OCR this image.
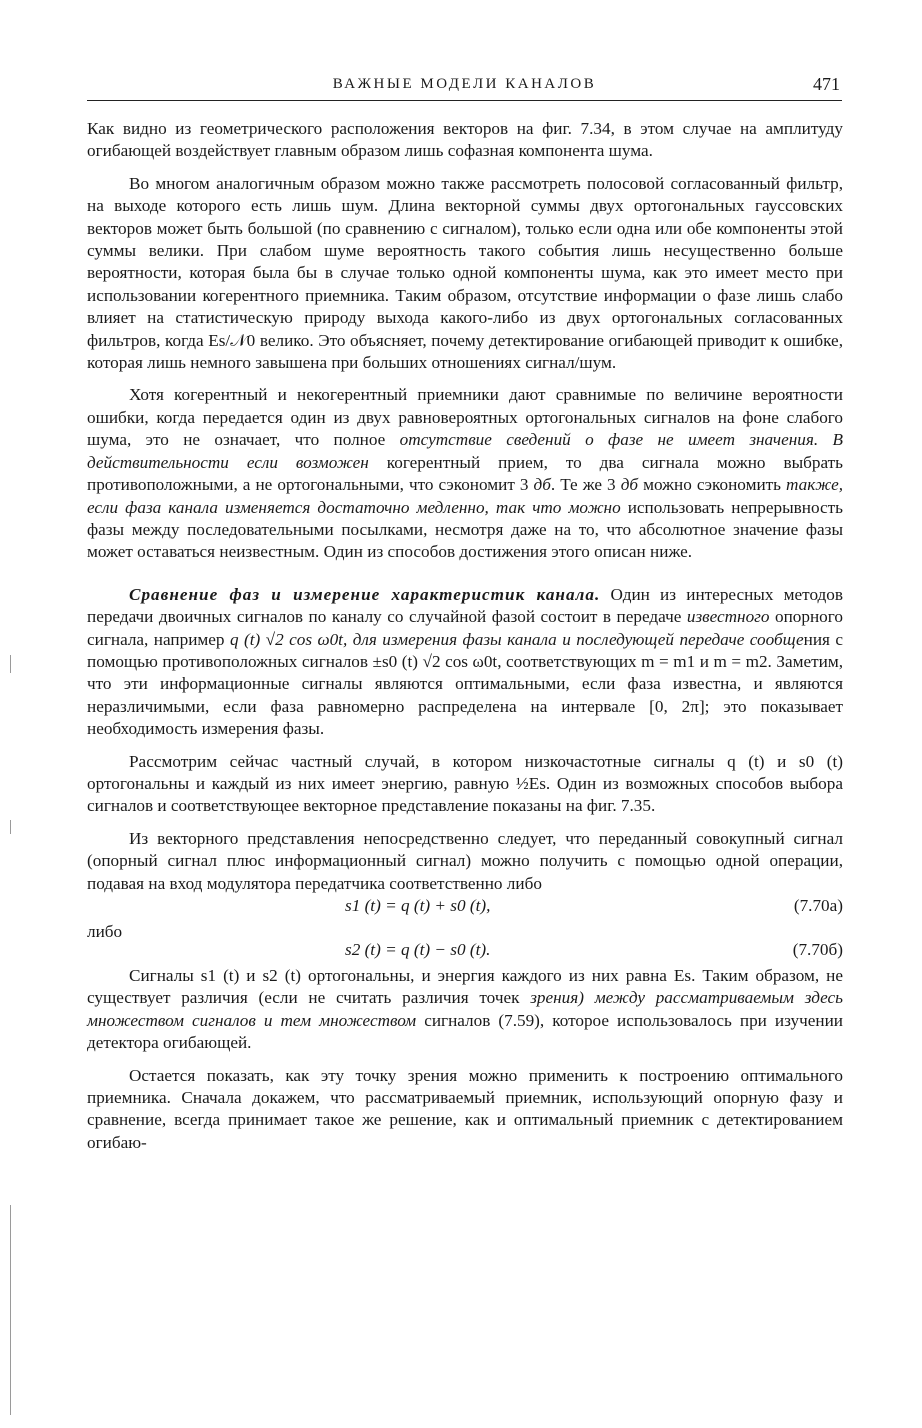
ВАЖНЫЕ МОДЕЛИ КАНАЛОВ	471

Как видно из геометрического расположения векторов на фиг. 7.34, в этом случае на амплитуду огибающей воздействует главным образом лишь софазная компонента шума.

Во многом аналогичным образом можно также рассмотреть полосовой согласованный фильтр, на выходе которого есть лишь шум. Длина векторной суммы двух ортогональных гауссовских векторов может быть большой (по сравнению с сигналом), только если одна или обе компоненты этой суммы велики. При слабом шуме вероятность такого события лишь несущественно больше вероятности, которая была бы в случае только одной компоненты шума, как это имеет место при использовании когерентного приемника. Таким образом, отсутствие информации о фазе лишь слабо влияет на статистическую природу выхода какого-либо из двух ортогональных согласованных фильтров, когда Es/𝒩0 велико. Это объясняет, почему детектирование огибающей приводит к ошибке, которая лишь немного завышена при больших отношениях сигнал/шум.

Хотя когерентный и некогерентный приемники дают сравнимые по величине вероятности ошибки, когда передается один из двух равновероятных ортогональных сигналов на фоне слабого шума, это не означает, что полное отсутствие сведений о фазе не имеет значения. В действительности если возможен когерентный прием, то два сигнала можно выбрать противоположными, а не ортогональными, что сэкономит 3 дб. Те же 3 дб можно сэкономить также, если фаза канала изменяется достаточно медленно, так что можно использовать непрерывность фазы между последовательными посылками, несмотря даже на то, что абсолютное значение фазы может оставаться неизвестным. Один из способов достижения этого описан ниже.

Сравнение фаз и измерение характеристик канала. Один из интересных методов передачи двоичных сигналов по каналу со случайной фазой состоит в передаче известного опорного сигнала, например q (t) √2 cos ω0t, для измерения фазы канала и последующей передаче сообщения с помощью противоположных сигналов ±s0 (t) √2 cos ω0t, соответствующих m = m1 и m = m2. Заметим, что эти информационные сигналы являются оптимальными, если фаза известна, и являются неразличимыми, если фаза равномерно распределена на интервале [0, 2π]; это показывает необходимость измерения фазы.

Рассмотрим сейчас частный случай, в котором низкочастотные сигналы q (t) и s0 (t) ортогональны и каждый из них имеет энергию, равную ½Es. Один из возможных способов выбора сигналов и соответствующее векторное представление показаны на фиг. 7.35.

Из векторного представления непосредственно следует, что переданный совокупный сигнал (опорный сигнал плюс информационный сигнал) можно получить с помощью одной операции, подавая на вход модулятора передатчика соответственно либо

s1 (t) = q (t) + s0 (t),	(7.70а)
либо
s2 (t) = q (t) − s0 (t).	(7.70б)

Сигналы s1 (t) и s2 (t) ортогональны, и энергия каждого из них равна Es. Таким образом, не существует различия (если не считать различия точек зрения) между рассматриваемым здесь множеством сигналов и тем множеством сигналов (7.59), которое использовалось при изучении детектора огибающей.

Остается показать, как эту точку зрения можно применить к построению оптимального приемника. Сначала докажем, что рассматриваемый приемник, использующий опорную фазу и сравнение, всегда принимает такое же решение, как и оптимальный приемник с детектированием огибаю-
